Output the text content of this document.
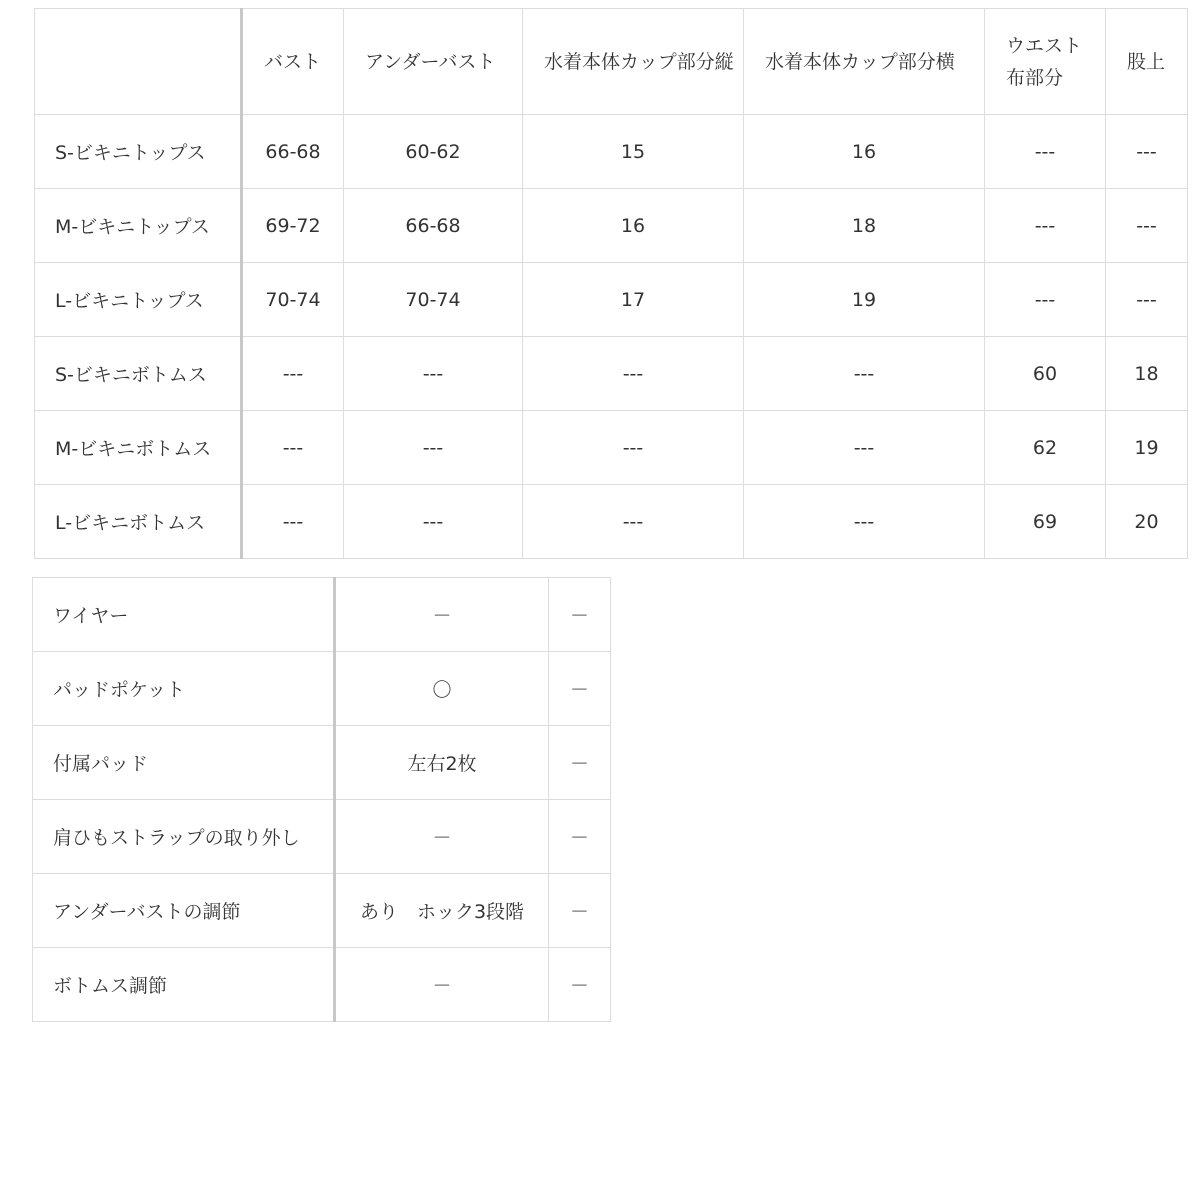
	バスト	アンダーバスト	水着本体カップ部分縦	水着本体カップ部分横	ウエスト布部分	股上
S-ビキニトップス	66-68	60-62	15	16	---	---
M-ビキニトップス	69-72	66-68	16	18	---	---
L-ビキニトップス	70-74	70-74	17	19	---	---
S-ビキニボトムス	---	---	---	---	60	18
M-ビキニボトムス	---	---	---	---	62	19
L-ビキニボトムス	---	---	---	---	69	20
ワイヤー	－	－
パッドポケット	〇	－
付属パッド	左右2枚	－
肩ひもストラップの取り外し	－	－
アンダーバストの調節	あり　ホック3段階	－
ボトムス調節	－	－
